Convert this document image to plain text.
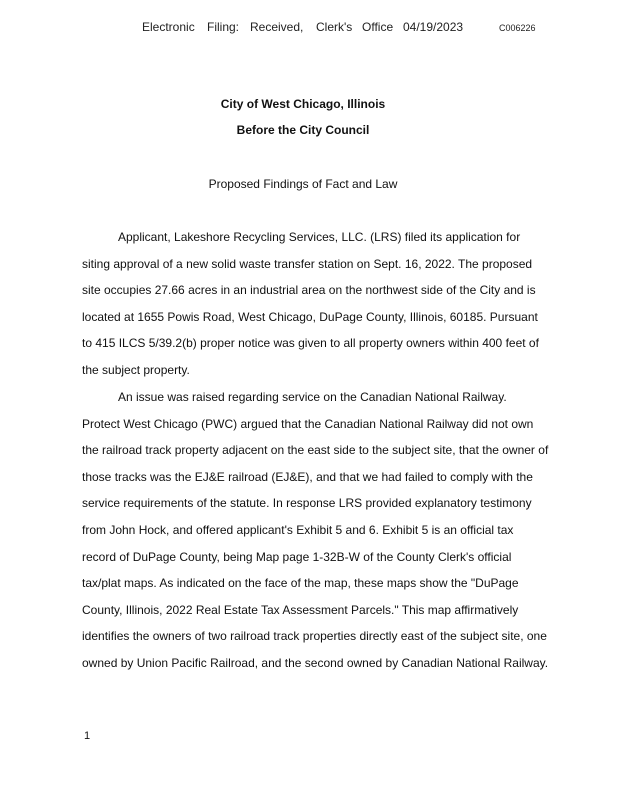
Electronic Filing: Received, Clerk's Office 04/19/2023	C006226
City of West Chicago, Illinois
Before the City Council
Proposed Findings of Fact and Law
Applicant, Lakeshore Recycling Services, LLC. (LRS) filed its application for
siting approval of a new solid waste transfer station on Sept. 16, 2022. The proposed
site occupies 27.66 acres in an industrial area on the northwest side of the City and is
located at 1655 Powis Road, West Chicago, DuPage County, Illinois, 60185. Pursuant
to 415 ILCS 5/39.2(b) proper notice was given to all property owners within 400 feet of
the subject property.
An issue was raised regarding service on the Canadian National Railway.
Protect West Chicago (PWC) argued that the Canadian National Railway did not own
the railroad track property adjacent on the east side to the subject site, that the owner of
those tracks was the EJ&E railroad (EJ&E), and that we had failed to comply with the
service requirements of the statute. In response LRS provided explanatory testimony
from John Hock, and offered applicant's Exhibit 5 and 6. Exhibit 5 is an official tax
record of DuPage County, being Map page 1-32B-W of the County Clerk's official
tax/plat maps. As indicated on the face of the map, these maps show the "DuPage
County, Illinois, 2022 Real Estate Tax Assessment Parcels." This map affirmatively
identifies the owners of two railroad track properties directly east of the subject site, one
owned by Union Pacific Railroad, and the second owned by Canadian National Railway.
1
